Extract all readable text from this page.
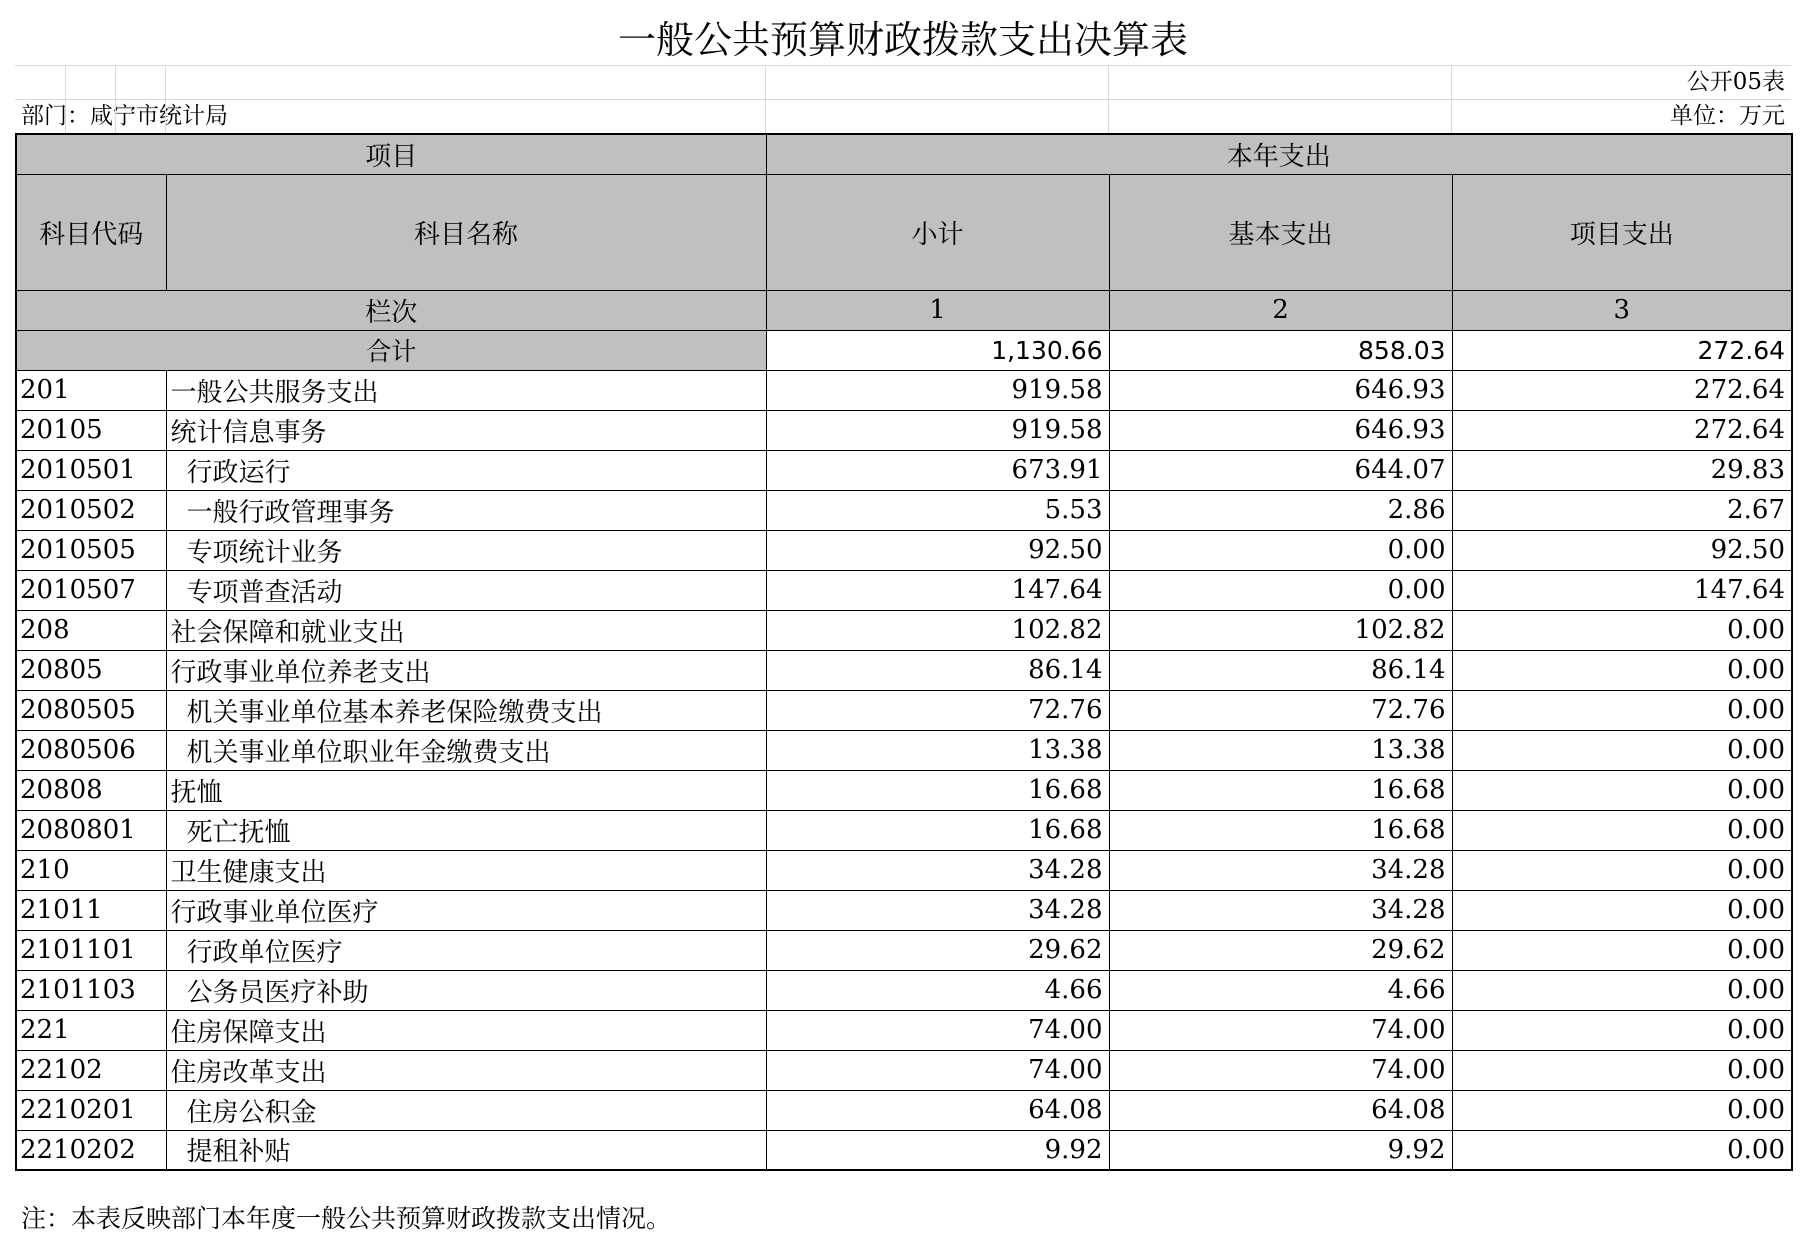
一般公共预算财政拨款支出决算表
公开05表
部门：咸宁市统计局	单位：万元
项目		本年支出		
科目代码	科目名称	小计	基本支出	项目支出
栏次		1	2	3
合计		1,130.66	858.03	272.64
201	一般公共服务支出	919.58	646.93	272.64
20105	统计信息事务	919.58	646.93	272.64
2010501	行政运行	673.91	644.07	29.83
2010502	一般行政管理事务	5.53	2.86	2.67
2010505	专项统计业务	92.50	0.00	92.50
2010507	专项普查活动	147.64	0.00	147.64
208	社会保障和就业支出	102.82	102.82	0.00
20805	行政事业单位养老支出	86.14	86.14	0.00
2080505	机关事业单位基本养老保险缴费支出	72.76	72.76	0.00
2080506	机关事业单位职业年金缴费支出	13.38	13.38	0.00
20808	抚恤	16.68	16.68	0.00
2080801	死亡抚恤	16.68	16.68	0.00
210	卫生健康支出	34.28	34.28	0.00
21011	行政事业单位医疗	34.28	34.28	0.00
2101101	行政单位医疗	29.62	29.62	0.00
2101103	公务员医疗补助	4.66	4.66	0.00
221	住房保障支出	74.00	74.00	0.00
22102	住房改革支出	74.00	74.00	0.00
2210201	住房公积金	64.08	64.08	0.00
2210202	提租补贴	9.92	9.92	0.00
注：本表反映部门本年度一般公共预算财政拨款支出情况。
